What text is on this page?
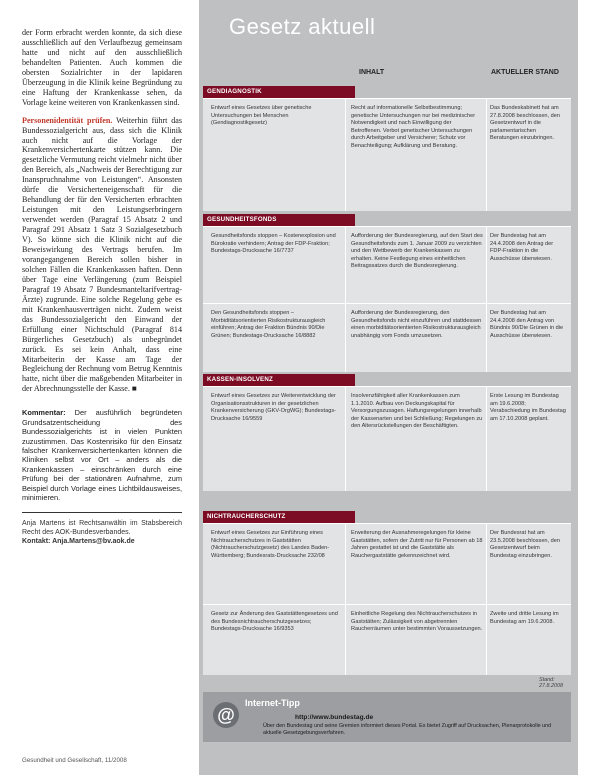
der Form erbracht werden konnte, da sich diese ausschließlich auf den Verlaufbezug gemeinsam hatte und nicht auf den ausschließlich behandelten Patienten. Auch kommen die obersten Sozialrichter in der lapidaren Überzeugung in die Klinik keine Begründung zu eine Haftung der Krankenkasse sehen, da Vorlage keine weiteren von Krankenkassen sind.

Personenidentität prüfen. Weiterhin führt das Bundessozialgericht aus, dass sich die Klinik auch nicht auf die Vorlage der Krankenversichertenkarte stützen kann. Die gesetzliche Vermutung reicht vielmehr nicht über den Bereich, als „Nachweis der Berechtigung zur Inanspruchnahme von Leistungen“. Ansonsten dürfe die Versicherteneigenschaft für die Behandlung der für den Versicherten erbrachten Leistungen mit den Leistungserbringern verwendet werden (Paragraf 15 Absatz 2 und Paragraf 291 Absatz 1 Satz 3 Sozialgesetzbuch V). So könne sich die Klinik nicht auf die Beweiswirkung des Vertrags berufen. Im vorangegangenen Bereich sollen bisher in solchen Fällen die Krankenkassen haften. Denn über Tage eine Verlängerung (zum Beispiel Paragraf 19 Absatz 7 Bundesmanteltarifvertrag-Ärzte) zugrunde. Eine solche Regelung gebe es mit Krankenhausverträgen nicht. Zudem weist das Bundessozialgericht den Einwand der Erfüllung einer Nichtschuld (Paragraf 814 Bürgerliches Gesetzbuch) als unbegründet zurück. Es sei kein Anhalt, dass eine Mitarbeiterin der Kasse am Tage der Begleichung der Rechnung vom Betrug Kenntnis hatte, nicht über die maßgebenden Mitarbeiter in der Abrechnungsstelle der Kasse. ■

Kommentar: Der ausführlich begründeten Grundsatzentscheidung des Bundessozialgerichts ist in vielen Punkten zuzustimmen. Das Kostenrisiko für den Einsatz falscher Krankenversichertenkarten können die Kliniken selbst vor Ort – anders als die Krankenkassen – einschränken durch eine Prüfung bei der stationären Aufnahme, zum Beispiel durch Vorlage eines Lichtbildausweises, minimieren.
Anja Martens ist Rechtsanwältin im Stabsbereich Recht des AOK-Bundesverbandes.
Kontakt: Anja.Martens@bv.aok.de
Gesundheit und Gesellschaft, 11/2008
Gesetz aktuell
INHALT	AKTUELLER STAND
GENDIAGNOSTIK
Entwurf eines Gesetzes über genetische Untersuchungen bei Menschen (Gendiagnostikgesetz)
Recht auf informationelle Selbstbestimmung; genetische Untersuchungen nur bei medizinischer Notwendigkeit und nach Einwilligung der Betroffenen. Verbot genetischer Untersuchungen durch Arbeitgeber und Versicherer; Schutz vor Benachteiligung; Aufklärung und Beratung.
Das Bundeskabinett hat am 27.8.2008 beschlossen, den Gesetzentwurf in die parlamentarischen Beratungen einzubringen.
GESUNDHEITSFONDS
Gesundheitsfonds stoppen – Kostenexplosion und Bürokratie verhindern; Antrag der FDP-Fraktion; Bundestags-Drucksache 16/7737
Aufforderung der Bundesregierung, auf den Start des Gesundheitsfonds zum 1. Januar 2009 zu verzichten und den Wettbewerb der Krankenkassen zu erhalten. Keine Festlegung eines einheitlichen Beitragssatzes durch die Bundesregierung.
Der Bundestag hat am 24.4.2008 den Antrag der FDP-Fraktion in die Ausschüsse überwiesen.
Den Gesundheitsfonds stoppen – Morbiditätsorientierten Risikostrukturausgleich einführen; Antrag der Fraktion Bündnis 90/Die Grünen; Bundestags-Drucksache 16/8882
Aufforderung der Bundesregierung, den Gesundheitsfonds nicht einzuführen und stattdessen einen morbiditätsorientierten Risikostrukturausgleich unabhängig vom Fonds umzusetzen.
Der Bundestag hat am 24.4.2008 den Antrag von Bündnis 90/Die Grünen in die Ausschüsse überwiesen.
KASSEN-INSOLVENZ
Entwurf eines Gesetzes zur Weiterentwicklung der Organisationsstrukturen in der gesetzlichen Krankenversicherung (GKV-OrgWG); Bundestags-Drucksache 16/9559
Insolvenzfähigkeit aller Krankenkassen zum 1.1.2010. Aufbau von Deckungskapital für Versorgungszusagen. Haftungsregelungen innerhalb der Kassenarten und bei Schließung; Regelungen zu den Altersrückstellungen der Beschäftigten.
Erste Lesung im Bundestag am 19.6.2008; Verabschiedung im Bundestag am 17.10.2008 geplant.
NICHTRAUCHERSCHUTZ
Entwurf eines Gesetzes zur Einführung eines Nichtraucherschutzes in Gaststätten (Nichtraucherschutzgesetz) des Landes Baden-Württemberg; Bundesrats-Drucksache 232/08
Erweiterung der Ausnahmeregelungen für kleine Gaststätten, sofern der Zutritt nur für Personen ab 18 Jahren gestattet ist und die Gaststätte als Rauchergaststätte gekennzeichnet wird.
Der Bundesrat hat am 23.5.2008 beschlossen, den Gesetzentwurf beim Bundestag einzubringen.
Gesetz zur Änderung des Gaststättengesetzes und des Bundesnichtraucherschutzgesetzes; Bundestags-Drucksache 16/9353
Einheitliche Regelung des Nichtraucherschutzes in Gaststätten; Zulässigkeit von abgetrennten Raucherräumen unter bestimmten Voraussetzungen.
Zweite und dritte Lesung im Bundestag am 19.6.2008.
Stand: 27.8.2008
@
Internet-Tipp
http://www.bundestag.de
Über den Bundestag und seine Gremien informiert dieses Portal. Es bietet Zugriff auf Drucksachen, Plenarprotokolle und aktuelle Gesetzgebungsverfahren.
